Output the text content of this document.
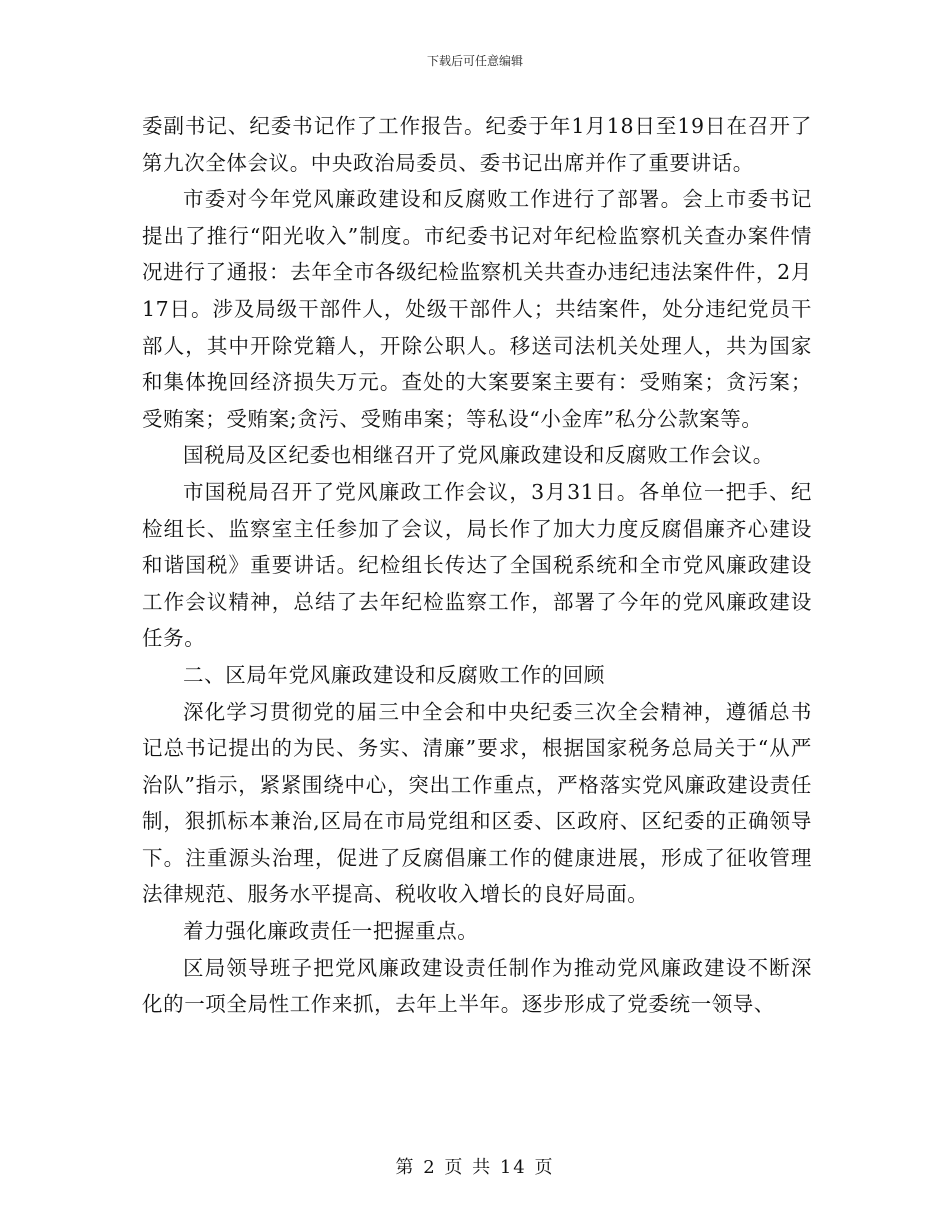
下载后可任意编辑

委副书记、纪委书记作了工作报告。纪委于年1月18日至19日在召开了第九次全体会议。中央政治局委员、委书记出席并作了重要讲话。

市委对今年党风廉政建设和反腐败工作进行了部署。会上市委书记提出了推行“阳光收入”制度。市纪委书记对年纪检监察机关查办案件情况进行了通报：去年全市各级纪检监察机关共查办违纪违法案件件，2月17日。涉及局级干部件人，处级干部件人；共结案件，处分违纪党员干部人，其中开除党籍人，开除公职人。移送司法机关处理人，共为国家和集体挽回经济损失万元。查处的大案要案主要有：受贿案；贪污案；受贿案；受贿案;贪污、受贿串案；等私设“小金库”私分公款案等。

国税局及区纪委也相继召开了党风廉政建设和反腐败工作会议。

市国税局召开了党风廉政工作会议，3月31日。各单位一把手、纪检组长、监察室主任参加了会议，局长作了加大力度反腐倡廉齐心建设和谐国税》重要讲话。纪检组长传达了全国税系统和全市党风廉政建设工作会议精神，总结了去年纪检监察工作，部署了今年的党风廉政建设任务。

二、区局年党风廉政建设和反腐败工作的回顾

深化学习贯彻党的届三中全会和中央纪委三次全会精神，遵循总书记总书记提出的为民、务实、清廉”要求，根据国家税务总局关于“从严治队”指示，紧紧围绕中心，突出工作重点，严格落实党风廉政建设责任制，狠抓标本兼治,区局在市局党组和区委、区政府、区纪委的正确领导下。注重源头治理，促进了反腐倡廉工作的健康进展，形成了征收管理法律规范、服务水平提高、税收收入增长的良好局面。

着力强化廉政责任一把握重点。

区局领导班子把党风廉政建设责任制作为推动党风廉政建设不断深化的一项全局性工作来抓，去年上半年。逐步形成了党委统一领导、

第 2 页 共 14 页
